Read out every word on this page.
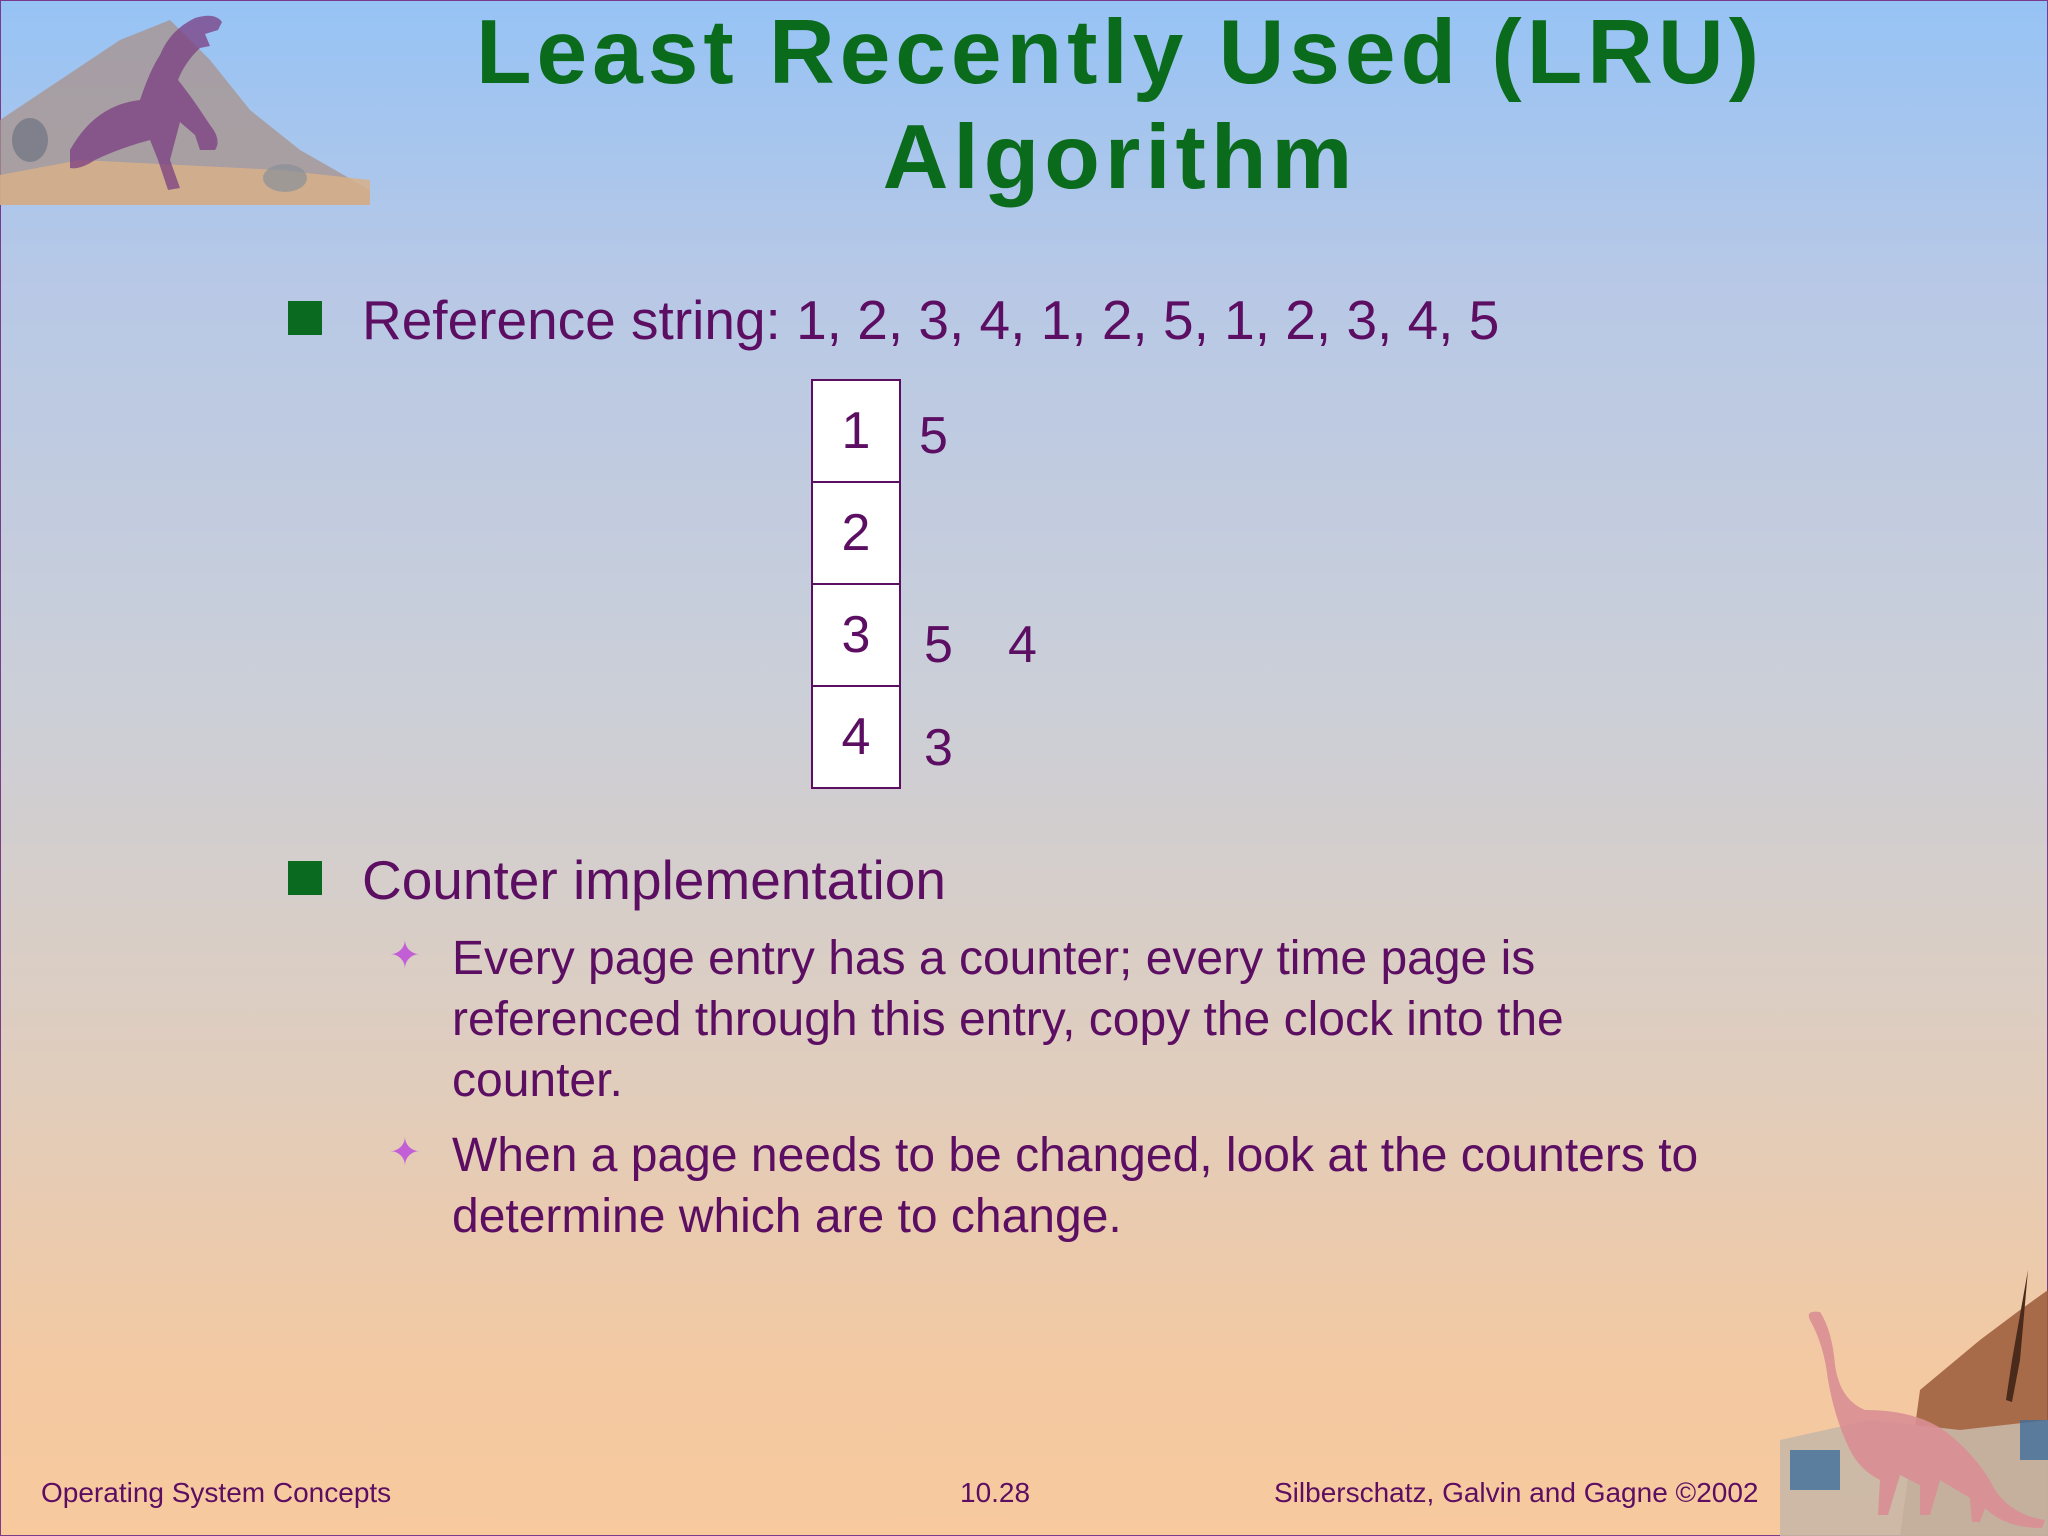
Least Recently Used (LRU)
Algorithm
Reference string: 1, 2, 3, 4, 1, 2, 5, 1, 2, 3, 4, 5
1
2
3
4
5
5 4
3
Counter implementation
✦ Every page entry has a counter; every time page is
referenced through this entry, copy the clock into the
counter.
✦ When a page needs to be changed, look at the counters to
determine which are to change.
Operating System Concepts	10.28	Silberschatz, Galvin and Gagne ©2002
